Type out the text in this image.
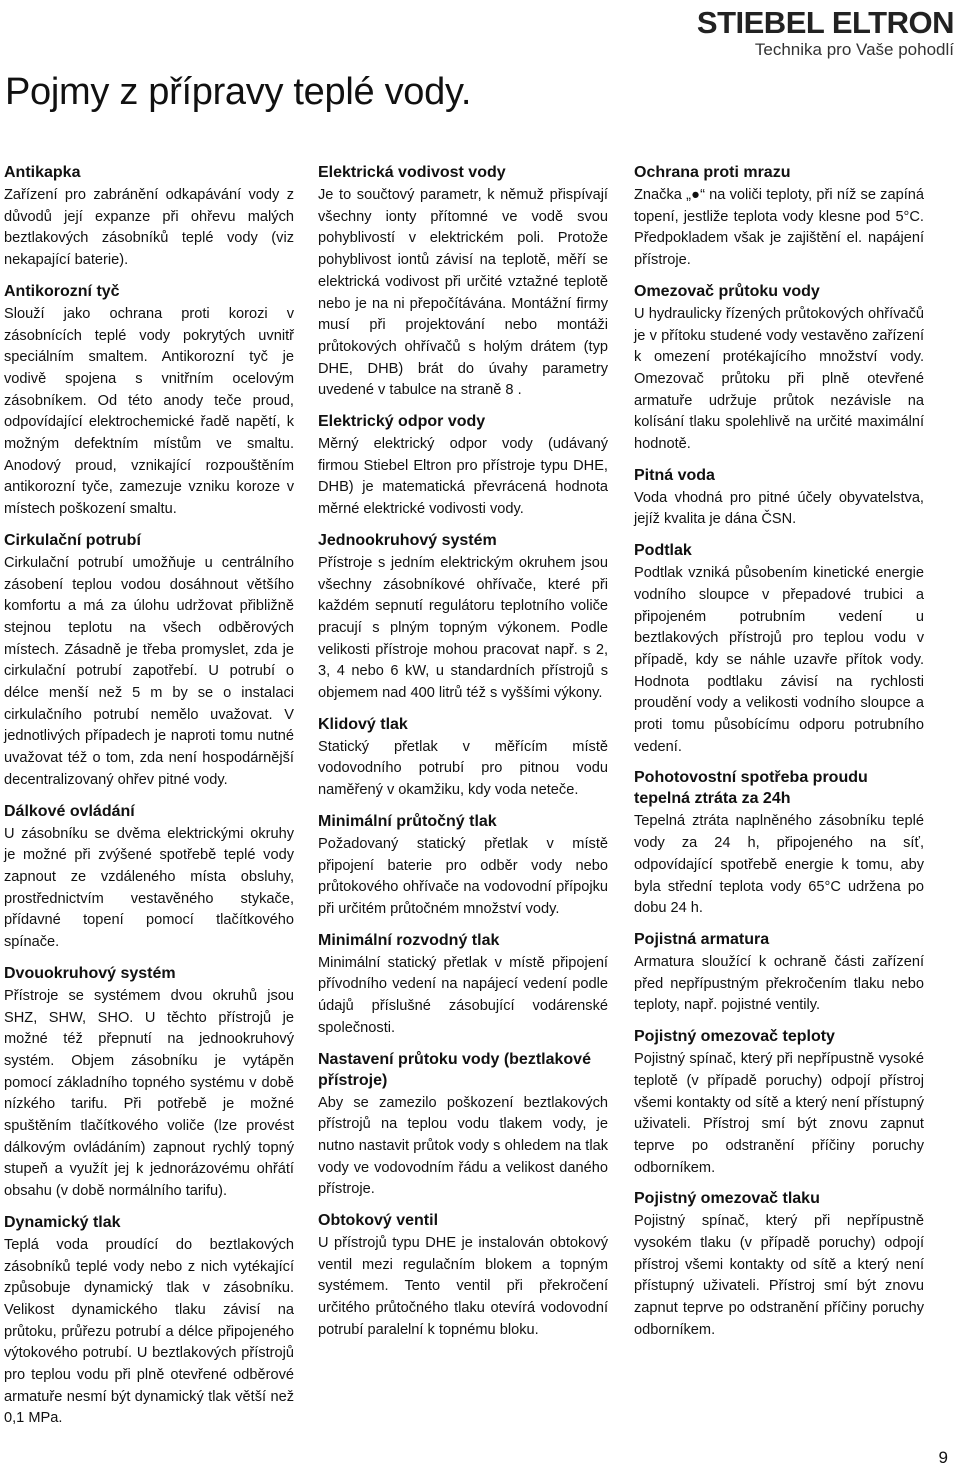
STIEBEL ELTRON
Technika pro Vaše pohodlí
Pojmy z přípravy teplé vody.
Antikapka

Zařízení pro zabránění odkapávání vody z důvodů její expanze při ohřevu malých beztlakových zásobníků teplé vody (viz nekapající baterie).

Antikorozní tyč

Slouží jako ochrana proti korozi v zásobnících teplé vody pokrytých uvnitř speciálním smaltem. Antikorozní tyč je vodivě spojena s vnitřním ocelovým zásobníkem. Od této anody teče proud, odpovídající elektrochemické řadě napětí, k možným defektním místům ve smaltu. Anodový proud, vznikající rozpouštěním antikorozní tyče, zamezuje vzniku koroze v místech poškození smaltu.

Cirkulační potrubí

Cirkulační potrubí umožňuje u centrálního zásobení teplou vodou dosáhnout většího komfortu a má za úlohu udržovat přibližně stejnou teplotu na všech odběrových místech. Zásadně je třeba promyslet, zda je cirkulační potrubí zapotřebí. U potrubí o délce menší než 5 m by se o instalaci cirkulačního potrubí nemělo uvažovat. V jednotlivých případech je naproti tomu nutné uvažovat též o tom, zda není hospodárnější decentralizovaný ohřev pitné vody.

Dálkové ovládání

U zásobníku se dvěma elektrickými okruhy je možné při zvýšené spotřebě teplé vody zapnout ze vzdáleného místa obsluhy, prostřednictvím vestavěného stykače, přídavné topení pomocí tlačítkového spínače.

Dvouokruhový systém

Přístroje se systémem dvou okruhů jsou SHZ, SHW, SHO. U těchto přístrojů je možné též přepnutí na jednookruhový systém. Objem zásobníku je vytápěn pomocí základního topného systému v době nízkého tarifu. Při potřebě je možné spuštěním tlačítkového voliče (lze provést dálkovým ovládáním) zapnout rychlý topný stupeň a využít jej k jednorázovému ohřátí obsahu (v době normálního tarifu).

Dynamický tlak

Teplá voda proudící do beztlakových zásobníků teplé vody nebo z nich vytékající způsobuje dynamický tlak v zásobníku. Velikost dynamického tlaku závisí na průtoku, průřezu potrubí a délce připojeného výtokového potrubí. U beztlakových přístrojů pro teplou vodu při plně otevřené odběrové armatuře nesmí být dynamický tlak větší než 0,1 MPa.

Elektrická vodivost vody

Je to součtový parametr, k němuž přispívají všechny ionty přítomné ve vodě svou pohyblivostí v elektrickém poli. Protože pohyblivost iontů závisí na teplotě, měří se elektrická vodivost při určité vztažné teplotě nebo je na ni přepočítávána. Montážní firmy musí při projektování nebo montáži průtokových ohřívačů s holým drátem (typ DHE, DHB) brát do úvahy parametry uvedené v tabulce na straně 8 .

Elektrický odpor vody

Měrný elektrický odpor vody (udávaný firmou Stiebel Eltron pro přístroje typu DHE, DHB) je matematická převrácená hodnota měrné elektrické vodivosti vody.

Jednookruhový systém

Přístroje s jedním elektrickým okruhem jsou všechny zásobníkové ohřívače, které při každém sepnutí regulátoru teplotního voliče pracují s plným topným výkonem. Podle velikosti přístroje mohou pracovat např. s 2, 3, 4 nebo 6 kW, u standardních přístrojů s objemem nad 400 litrů též s vyššími výkony.

Klidový tlak

Statický přetlak v měřícím místě vodovodního potrubí pro pitnou vodu naměřený v okamžiku, kdy voda neteče.

Minimální průtočný tlak

Požadovaný statický přetlak v místě připojení baterie pro odběr vody nebo průtokového ohřívače na vodovodní přípojku při určitém průtočném množství vody.

Minimální rozvodný tlak

Minimální statický přetlak v místě připojení přívodního vedení na napájecí vedení podle údajů příslušné zásobující vodárenské společnosti.

Nastavení průtoku vody (beztlakové přístroje)

Aby se zamezilo poškození beztlakových přístrojů na teplou vodu tlakem vody, je nutno nastavit průtok vody s ohledem na tlak vody ve vodovodním řádu a velikost daného přístroje.

Obtokový ventil

U přístrojů typu DHE je instalován obtokový ventil mezi regulačním blokem a topným systémem. Tento ventil při překročení určitého průtočného tlaku otevírá vodovodní potrubí paralelní k topnému bloku.

Ochrana proti mrazu

Značka „●“ na voliči teploty, při níž se zapíná topení, jestliže teplota vody klesne pod 5°C. Předpokladem však je zajištění el. napájení přístroje.

Omezovač průtoku vody

U hydraulicky řízených průtokových ohřívačů je v přítoku studené vody vestavěno zařízení k omezení protékajícího množství vody. Omezovač průtoku při plně otevřené armatuře udržuje průtok nezávisle na kolísání tlaku spolehlivě na určité maximální hodnotě.

Pitná voda

Voda vhodná pro pitné účely obyvatelstva, jejíž kvalita je dána ČSN.

Podtlak

Podtlak vzniká působením kinetické energie vodního sloupce v přepadové trubici a připojeném potrubním vedení u beztlakových přístrojů pro teplou vodu v případě, kdy se náhle uzavře přítok vody. Hodnota podtlaku závisí na rychlosti proudění vody a velikosti vodního sloupce a proti tomu působícímu odporu potrubního vedení.

Pohotovostní spotřeba proudu tepelná ztráta za 24h

Tepelná ztráta naplněného zásobníku teplé vody za 24 h, připojeného na síť, odpovídající spotřebě energie k tomu, aby byla střední teplota vody 65°C udržena po dobu 24 h.

Pojistná armatura

Armatura sloužící k ochraně části zařízení před nepřípustným překročením tlaku nebo teploty, např. pojistné ventily.

Pojistný omezovač teploty

Pojistný spínač, který při nepřípustně vysoké teplotě (v případě poruchy) odpojí přístroj všemi kontakty od sítě a který není přístupný uživateli. Přístroj smí být znovu zapnut teprve po odstranění příčiny poruchy odborníkem.

Pojistný omezovač tlaku

Pojistný spínač, který při nepřípustně vysokém tlaku (v případě poruchy) odpojí přístroj všemi kontakty od sítě a který není přístupný uživateli. Přístroj smí být znovu zapnut teprve po odstranění příčiny poruchy odborníkem.

9
